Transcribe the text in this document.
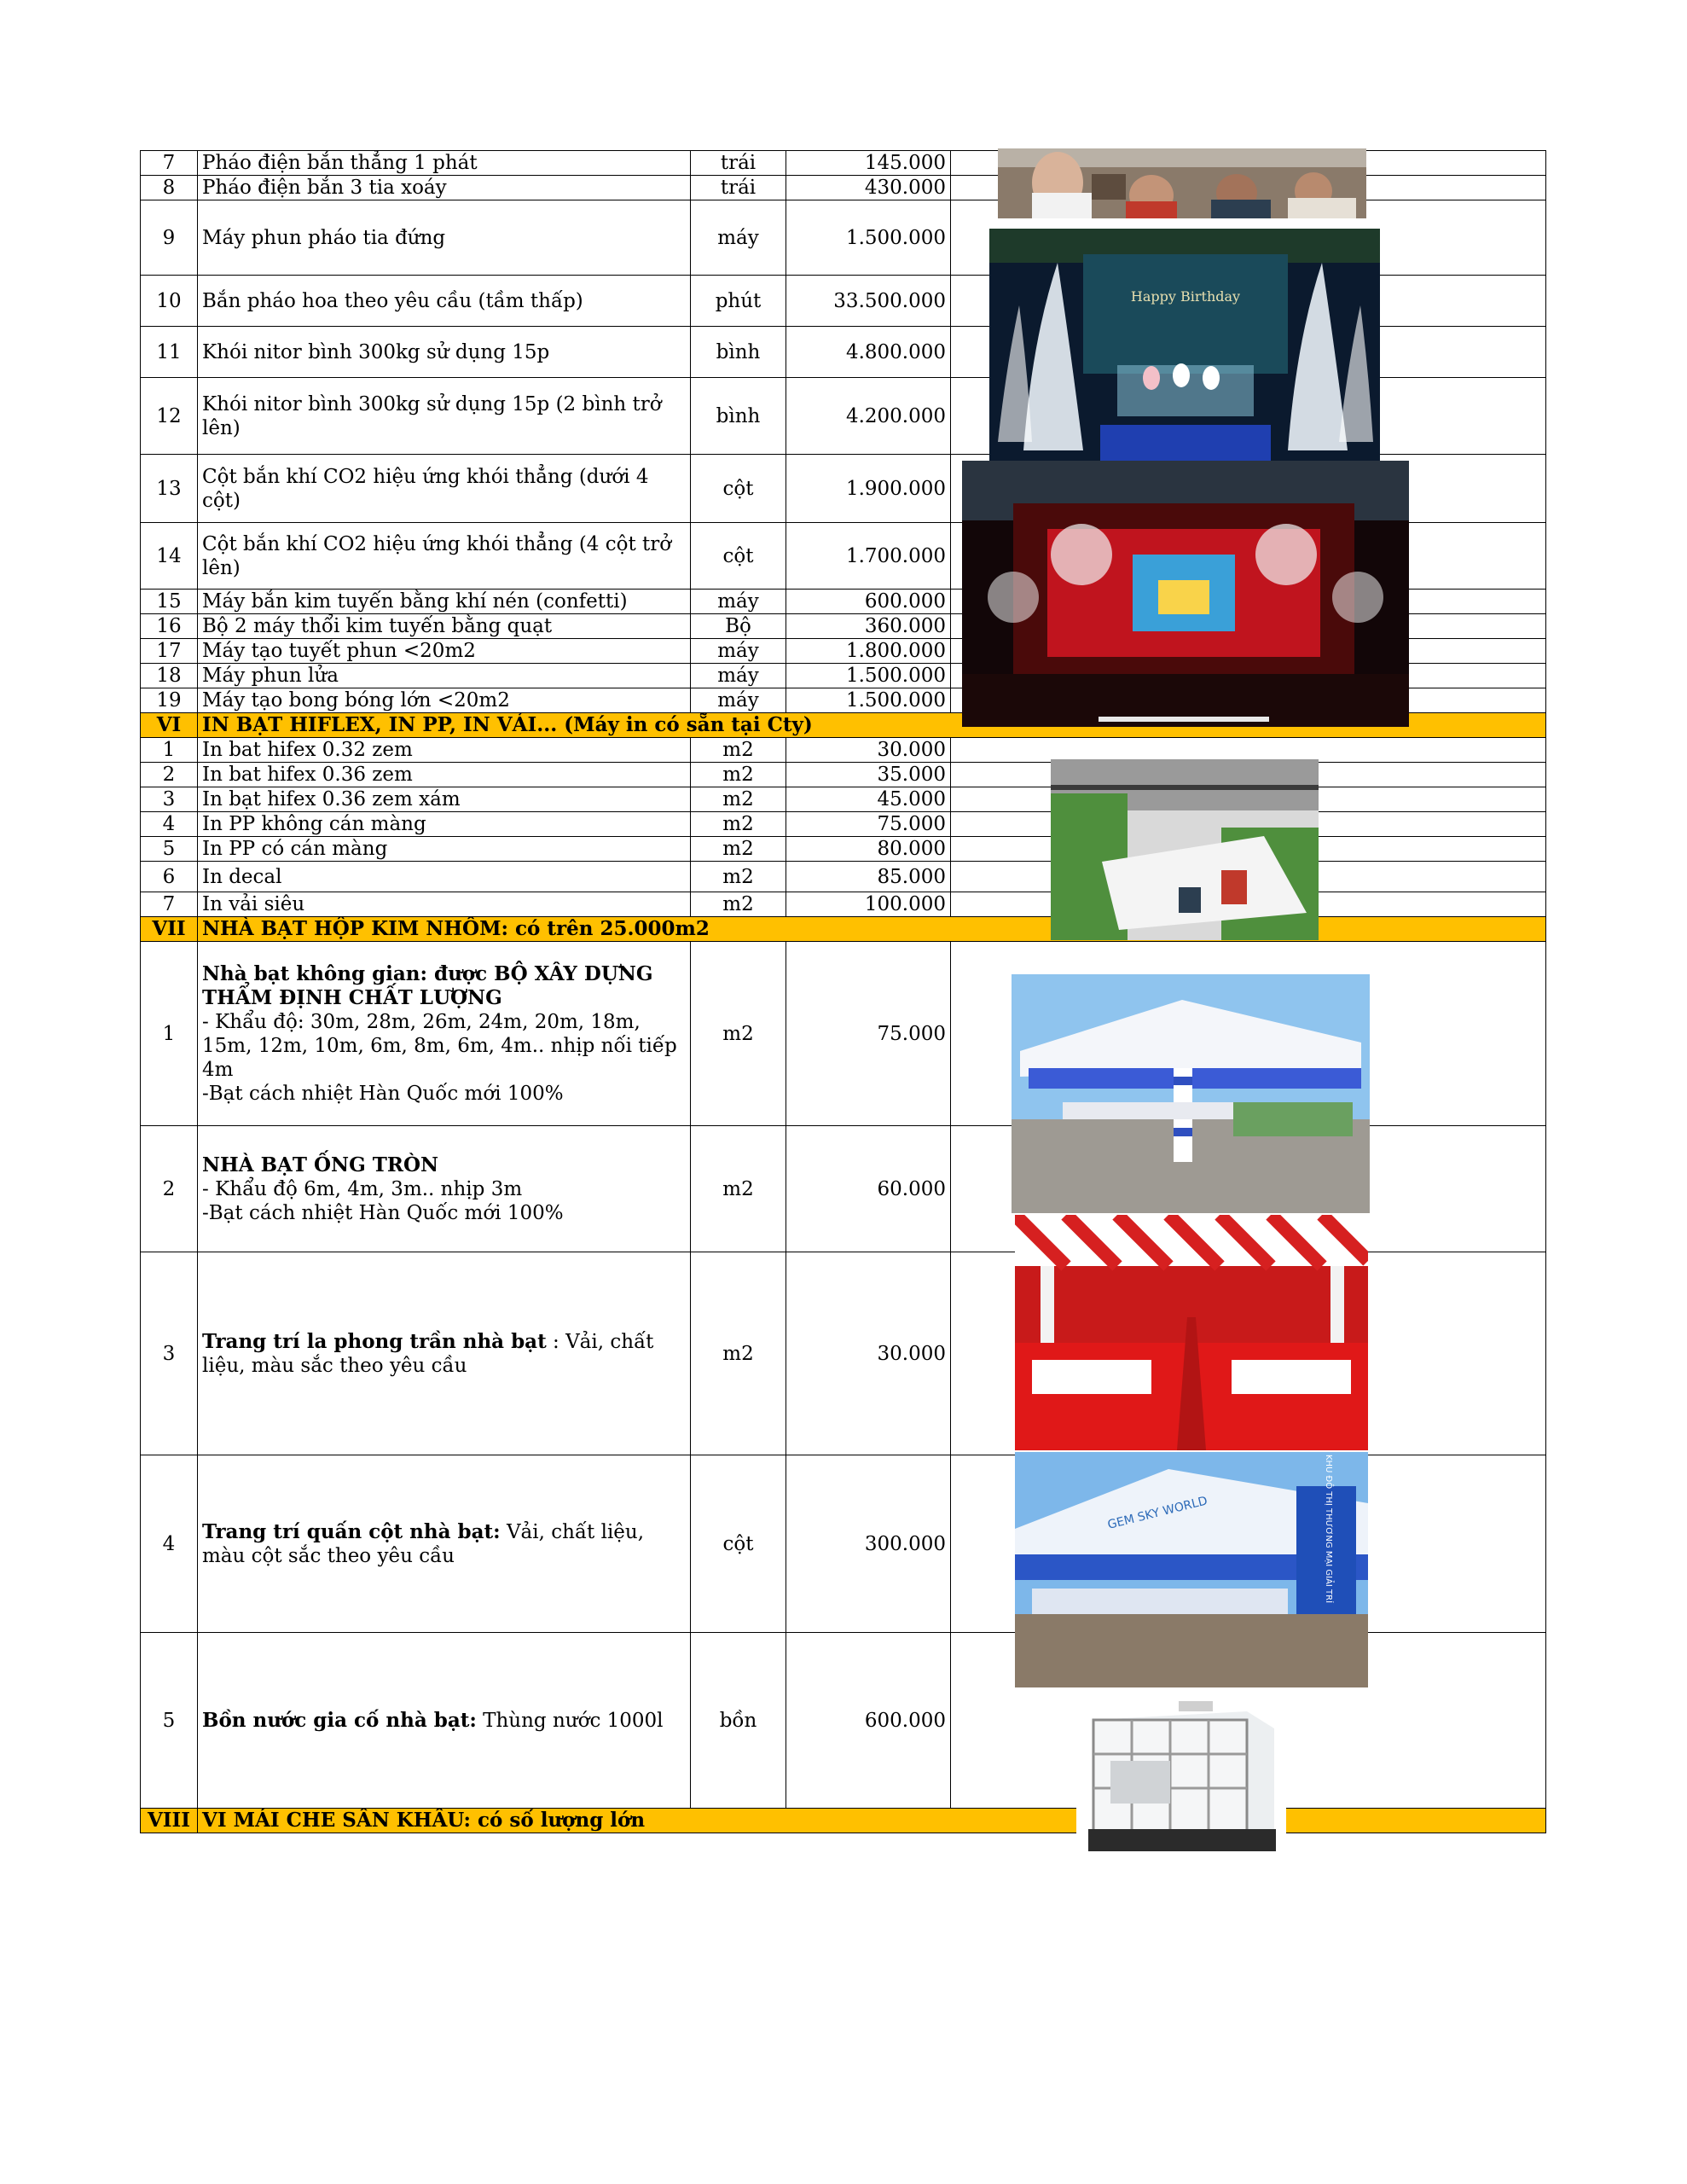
7	Pháo điện bắn thẳng 1 phát	trái	145.000	
8	Pháo điện bắn 3 tia xoáy	trái	430.000	
9	Máy phun pháo tia đứng	máy	1.500.000	
10	Bắn pháo hoa theo yêu cầu (tầm thấp)	phút	33.500.000	
11	Khói nitor bình 300kg sử dụng 15p	bình	4.800.000	
12	Khói nitor bình 300kg sử dụng 15p (2 bình trở lên)	bình	4.200.000	
13	Cột bắn khí CO2 hiệu ứng khói thẳng (dưới 4 cột)	cột	1.900.000	
14	Cột bắn khí CO2 hiệu ứng khói thẳng (4 cột trở lên)	cột	1.700.000	
15	Máy bắn kim tuyến bằng khí nén (confetti)	máy	600.000	
16	Bộ 2 máy thổi kim tuyến bằng quạt	Bộ	360.000	
17	Máy tạo tuyết phun <20m2	máy	1.800.000	
18	Máy phun lửa	máy	1.500.000	
19	Máy tạo bong bóng lớn <20m2	máy	1.500.000	
VI	IN BẠT HIFLEX, IN PP, IN VẢI... (Máy in có sẵn tại Cty)			
1	In bat hifex 0.32 zem	m2	30.000	
2	In bat hifex 0.36 zem	m2	35.000	
3	In bạt hifex 0.36 zem xám	m2	45.000	
4	In PP không cán màng	m2	75.000	
5	In PP có cán màng	m2	80.000	
6	In decal	m2	85.000	
7	In vải siêu	m2	100.000	
VII	NHÀ BẠT HỘP KIM NHÔM: có trên 25.000m2			
1	Nhà bạt không gian: được BỘ XÂY DỰNG THẨM ĐỊNH CHẤT LƯỢNG
- Khẩu độ: 30m, 28m, 26m, 24m, 20m, 18m, 15m, 12m, 10m, 6m, 8m, 6m, 4m.. nhịp nối tiếp 4m
-Bạt cách nhiệt Hàn Quốc mới 100%	m2	75.000	
2	NHÀ BẠT ỐNG TRÒN
- Khẩu độ 6m, 4m, 3m.. nhịp 3m
-Bạt cách nhiệt Hàn Quốc mới 100%	m2	60.000	
3	Trang trí la phong trần nhà bạt : Vải, chất liệu, màu sắc theo yêu cầu	m2	30.000	
4	Trang trí quấn cột nhà bạt: Vải, chất liệu, màu cột sắc theo yêu cầu	cột	300.000	
5	Bồn nước gia cố nhà bạt: Thùng nước 1000l	bồn	600.000	
VIII	VI MÁI CHE SÂN KHẤU: có số lượng lớn			
Happy Birthday
GEM SKY WORLD	KHU ĐÔ THỊ THƯƠNG MẠI GIẢI TRÍ
